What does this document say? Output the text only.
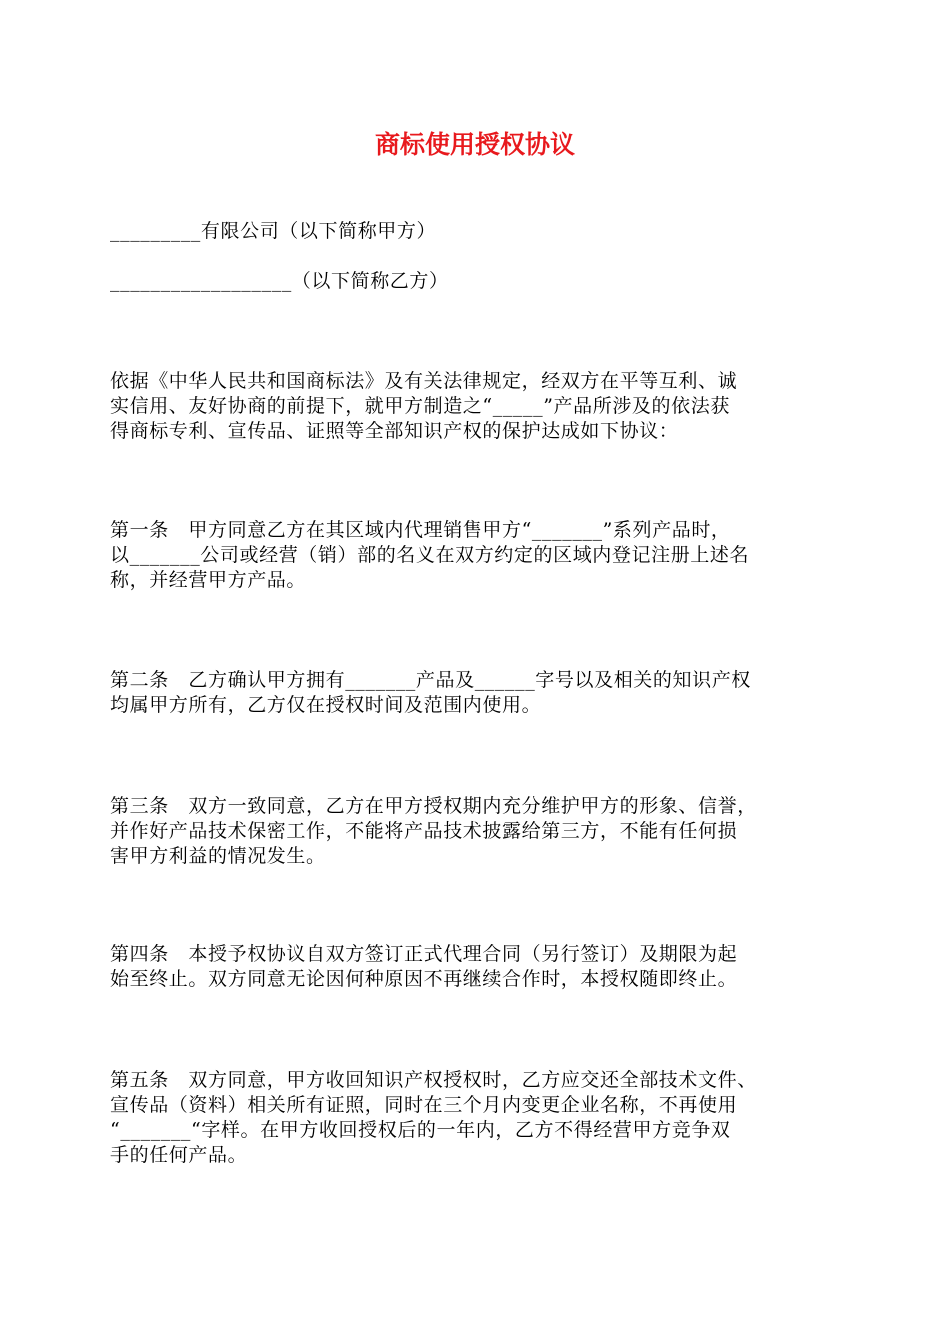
商标使用授权协议
_________有限公司（以下简称甲方）
__________________（以下简称乙方）
依据《中华人民共和国商标法》及有关法律规定，经双方在平等互利、诚
实信用、友好协商的前提下，就甲方制造之“_____”产品所涉及的依法获
得商标专利、宣传品、证照等全部知识产权的保护达成如下协议：
第一条　甲方同意乙方在其区域内代理销售甲方“_______”系列产品时，
以_______公司或经营（销）部的名义在双方约定的区域内登记注册上述名
称，并经营甲方产品。
第二条　乙方确认甲方拥有_______产品及______字号以及相关的知识产权
均属甲方所有，乙方仅在授权时间及范围内使用。
第三条　双方一致同意，乙方在甲方授权期内充分维护甲方的形象、信誉，
并作好产品技术保密工作，不能将产品技术披露给第三方，不能有任何损
害甲方利益的情况发生。
第四条　本授予权协议自双方签订正式代理合同（另行签订）及期限为起
始至终止。双方同意无论因何种原因不再继续合作时，本授权随即终止。
第五条　双方同意，甲方收回知识产权授权时，乙方应交还全部技术文件、
宣传品（资料）相关所有证照，同时在三个月内变更企业名称，不再使用
“_______“字样。在甲方收回授权后的一年内，乙方不得经营甲方竞争双
手的任何产品。
